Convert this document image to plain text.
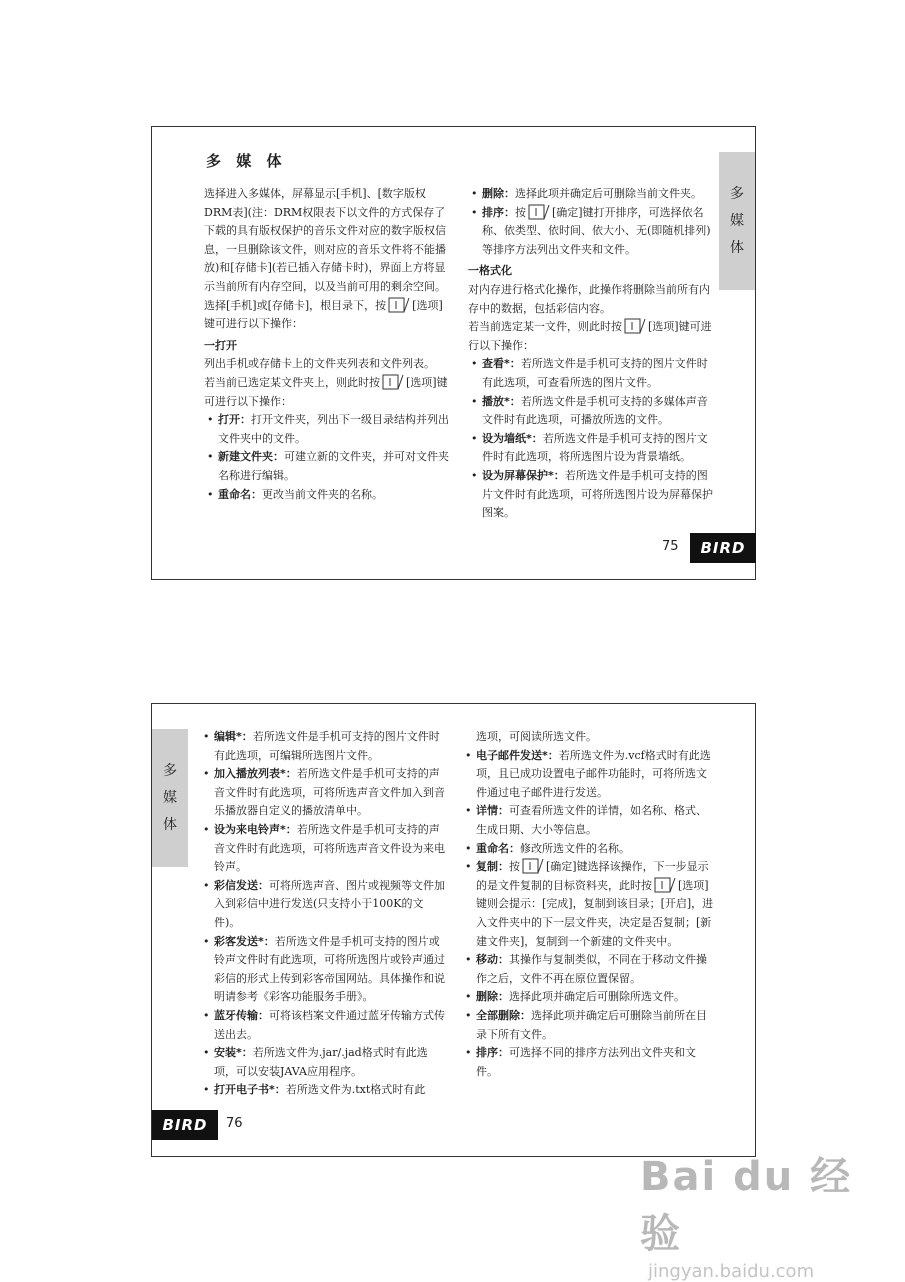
多 媒 体
多
媒
体

选择进入多媒体，屏幕显示[手机]、[数字版权DRM表](注：DRM权限表下以文件的方式保存了下载的具有版权保护的音乐文件对应的数字版权信息，一旦删除该文件，则对应的音乐文件将不能播放)和[存储卡](若已插入存储卡时)，界面上方将显示当前所有内存空间，以及当前可用的剩余空间。

选择[手机]或[存储卡]，根目录下，按 [选项]键可进行以下操作：

一打开

列出手机或存储卡上的文件夹列表和文件列表。

若当前已选定某文件夹上，则此时按 [选项]键可进行以下操作：

• 打开：打开文件夹，列出下一级目录结构并列出文件夹中的文件。

• 新建文件夹：可建立新的文件夹，并可对文件夹名称进行编辑。

• 重命名：更改当前文件夹的名称。

• 删除：选择此项并确定后可删除当前文件夹。

• 排序：按 [确定]键打开排序，可选择依名称、依类型、依时间、依大小、无(即随机排列)等排序方法列出文件夹和文件。

一格式化

对内存进行格式化操作，此操作将删除当前所有内存中的数据，包括彩信内容。

若当前选定某一文件，则此时按 [选项]键可进行以下操作：

• 查看*：若所选文件是手机可支持的图片文件时有此选项，可查看所选的图片文件。

• 播放*：若所选文件是手机可支持的多媒体声音文件时有此选项，可播放所选的文件。

• 设为墙纸*：若所选文件是手机可支持的图片文件时有此选项，将所选图片设为背景墙纸。

• 设为屏幕保护*：若所选文件是手机可支持的图片文件时有此选项，可将所选图片设为屏幕保护图案。

75	BIRD
多
媒
体

• 编辑*：若所选文件是手机可支持的图片文件时有此选项，可编辑所选图片文件。

• 加入播放列表*：若所选文件是手机可支持的声音文件时有此选项，可将所选声音文件加入到音乐播放器自定义的播放清单中。

• 设为来电铃声*：若所选文件是手机可支持的声音文件时有此选项，可将所选声音文件设为来电铃声。

• 彩信发送：可将所选声音、图片或视频等文件加入到彩信中进行发送(只支持小于100K的文件)。

• 彩客发送*：若所选文件是手机可支持的图片或铃声文件时有此选项，可将所选图片或铃声通过彩信的形式上传到彩客帝国网站。具体操作和说明请参考《彩客功能服务手册》。

• 蓝牙传输：可将该档案文件通过蓝牙传输方式传送出去。

• 安装*：若所选文件为.jar/.jad格式时有此选项，可以安装JAVA应用程序。

• 打开电子书*：若所选文件为.txt格式时有此

选项，可阅读所选文件。

• 电子邮件发送*：若所选文件为.vcf格式时有此选项，且已成功设置电子邮件功能时，可将所选文件通过电子邮件进行发送。

• 详情：可查看所选文件的详情，如名称、格式、生成日期、大小等信息。

• 重命名：修改所选文件的名称。

• 复制：按 [确定]键选择该操作，下一步显示的是文件复制的目标资料夹，此时按 [选项]键则会提示：[完成]，复制到该目录；[开启]，进入文件夹中的下一层文件夹，决定是否复制；[新建文件夹]，复制到一个新建的文件夹中。

• 移动：其操作与复制类似，不同在于移动文件操作之后，文件不再在原位置保留。

• 删除：选择此项并确定后可删除所选文件。

• 全部删除：选择此项并确定后可删除当前所在目录下所有文件。

• 排序：可选择不同的排序方法列出文件夹和文件。

BIRD	76
Bai du 经验
jingyan.baidu.com
